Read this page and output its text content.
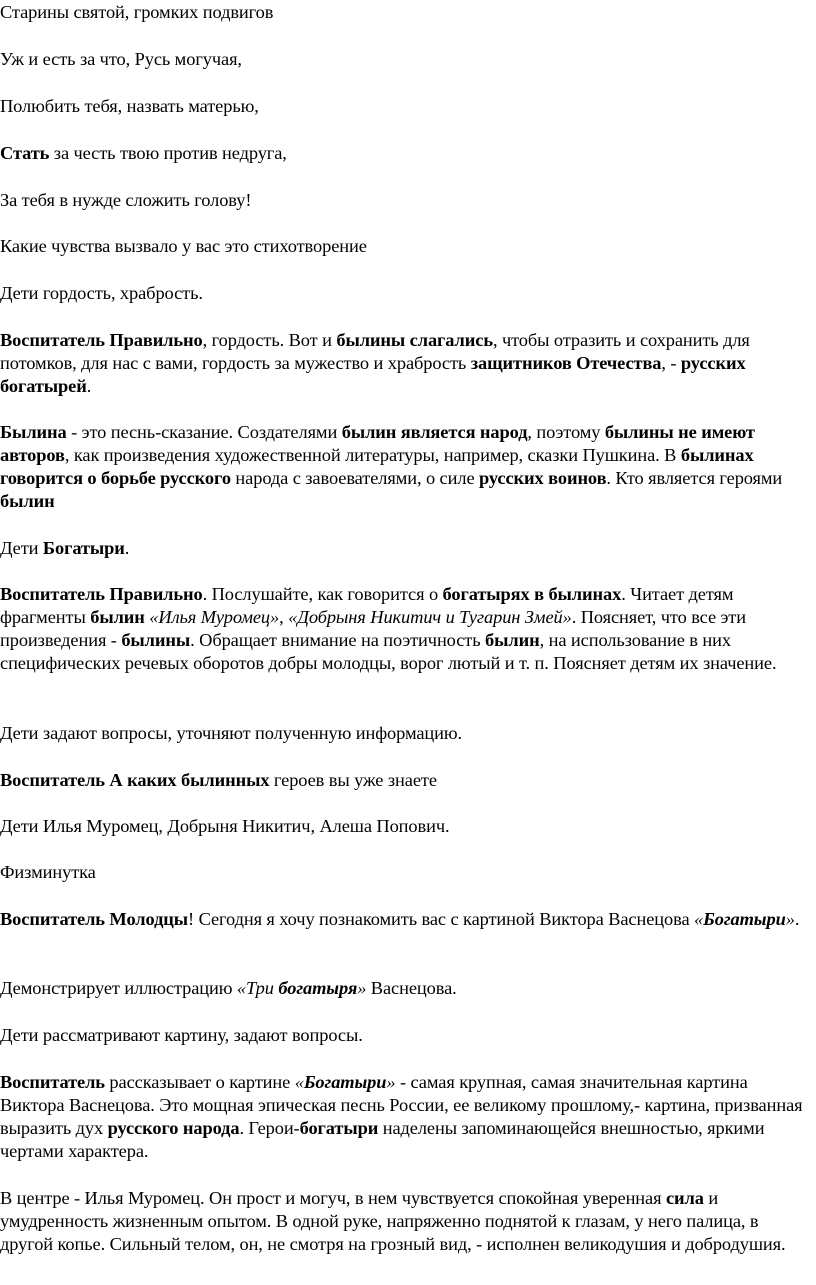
Старины святой, громких подвигов

Уж и есть за что, Русь могучая,

Полюбить тебя, назвать матерью,

Стать за честь твою против недруга,

За тебя в нужде сложить голову!

Какие чувства вызвало у вас это стихотворение

Дети гордость, храбрость.

Воспитатель Правильно, гордость. Вот и былины слагались, чтобы отразить и сохранить для потомков, для нас с вами, гордость за мужество и храбрость защитников Отечества, - русских богатырей.

Былина - это песнь-сказание. Создателями былин является народ, поэтому былины не имеют авторов, как произведения художественной литературы, например, сказки Пушкина. В былинах говорится о борьбе русского народа с завоевателями, о силе русских воинов. Кто является героями былин

Дети Богатыри.

Воспитатель Правильно. Послушайте, как говорится о богатырях в былинах. Читает детям фрагменты былин «Илья Муромец», «Добрыня Никитич и Тугарин Змей». Поясняет, что все эти произведения - былины. Обращает внимание на поэтичность былин, на использование в них специфических речевых оборотов добры молодцы, ворог лютый и т. п. Поясняет детям их значение.

Дети задают вопросы, уточняют полученную информацию.

Воспитатель А каких былинных героев вы уже знаете

Дети Илья Муромец, Добрыня Никитич, Алеша Попович.

Физминутка

Воспитатель Молодцы! Сегодня я хочу познакомить вас с картиной Виктора Васнецова «Богатыри».

Демонстрирует иллюстрацию «Три богатыря» Васнецова.

Дети рассматривают картину, задают вопросы.

Воспитатель рассказывает о картине «Богатыри» - самая крупная, самая значительная картина Виктора Васнецова. Это мощная эпическая песнь России, ее великому прошлому,- картина, призванная выразить дух русского народа. Герои-богатыри наделены запоминающейся внешностью, яркими чертами характера.

В центре - Илья Муромец. Он прост и могуч, в нем чувствуется спокойная уверенная сила и умудренность жизненным опытом. В одной руке, напряженно поднятой к глазам, у него палица, в другой копье. Сильный телом, он, не смотря на грозный вид, - исполнен великодушия и добродушия.
